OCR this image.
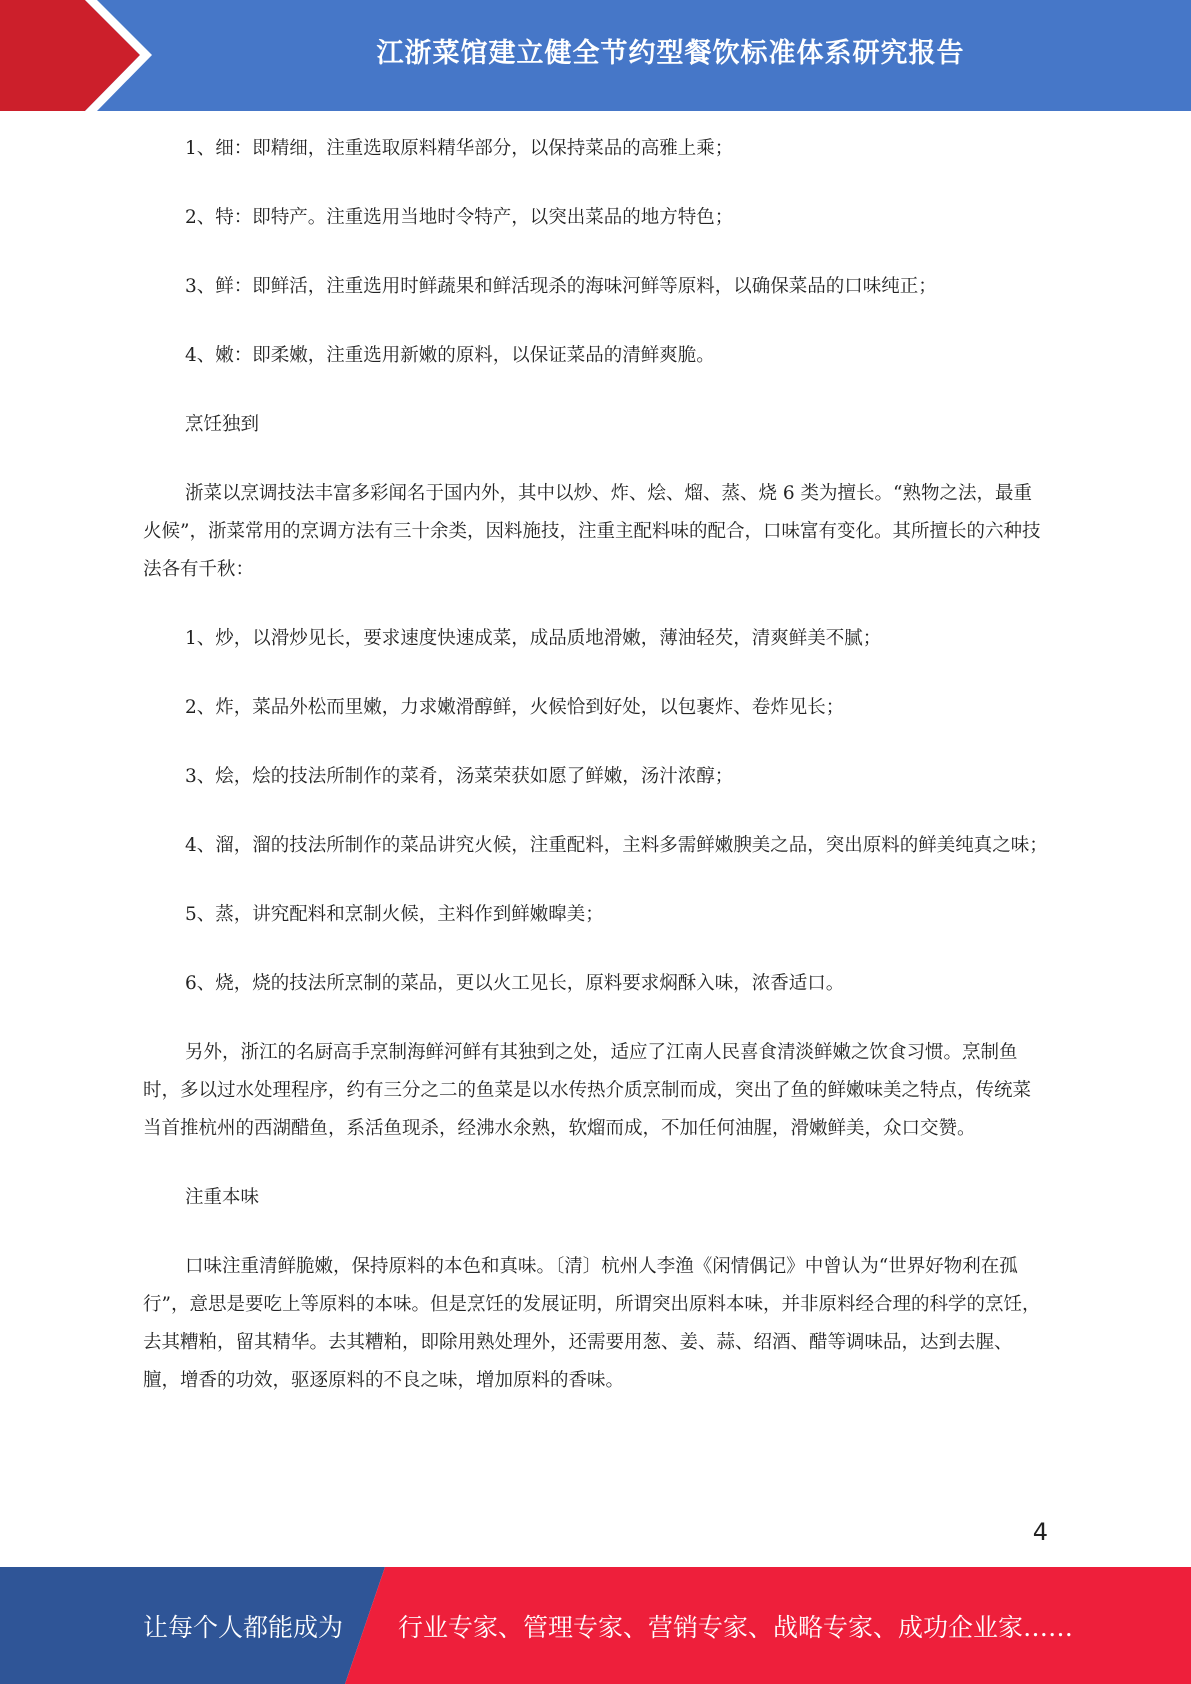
江浙菜馆建立健全节约型餐饮标准体系研究报告

1、细：即精细，注重选取原料精华部分，以保持菜品的高雅上乘；

2、特：即特产。注重选用当地时令特产，以突出菜品的地方特色；

3、鲜：即鲜活，注重选用时鲜蔬果和鲜活现杀的海味河鲜等原料，以确保菜品的口味纯正；

4、嫩：即柔嫩，注重选用新嫩的原料，以保证菜品的清鲜爽脆。

烹饪独到

浙菜以烹调技法丰富多彩闻名于国内外，其中以炒、炸、烩、熘、蒸、烧 6 类为擅长。“熟物之法，最重火候”，浙菜常用的烹调方法有三十余类，因料施技，注重主配料味的配合，口味富有变化。其所擅长的六种技法各有千秋：

1、炒，以滑炒见长，要求速度快速成菜，成品质地滑嫩，薄油轻芡，清爽鲜美不腻；

2、炸，菜品外松而里嫩，力求嫩滑醇鲜，火候恰到好处，以包裹炸、卷炸见长；

3、烩，烩的技法所制作的菜肴，汤菜荣获如愿了鲜嫩，汤汁浓醇；

4、溜，溜的技法所制作的菜品讲究火候，注重配料，主料多需鲜嫩腴美之品，突出原料的鲜美纯真之味；

5、蒸，讲究配料和烹制火候，主料作到鲜嫩暭美；

6、烧，烧的技法所烹制的菜品，更以火工见长，原料要求焖酥入味，浓香适口。

另外，浙江的名厨高手烹制海鲜河鲜有其独到之处，适应了江南人民喜食清淡鲜嫩之饮食习惯。烹制鱼时，多以过水处理程序，约有三分之二的鱼菜是以水传热介质烹制而成，突出了鱼的鲜嫩味美之特点，传统菜当首推杭州的西湖醋鱼，系活鱼现杀，经沸水氽熟，软熘而成，不加任何油腥，滑嫩鲜美，众口交赞。

注重本味

口味注重清鲜脆嫩，保持原料的本色和真味。〔清〕杭州人李渔《闲情偶记》中曾认为“世界好物利在孤行”，意思是要吃上等原料的本味。但是烹饪的发展证明，所谓突出原料本味，并非原料经合理的科学的烹饪，去其糟粕，留其精华。去其糟粕，即除用熟处理外，还需要用葱、姜、蒜、绍酒、醋等调味品，达到去腥、膻，增香的功效，驱逐原料的不良之味，增加原料的香味。

4
让每个人都能成为 行业专家、管理专家、营销专家、战略专家、成功企业家……
